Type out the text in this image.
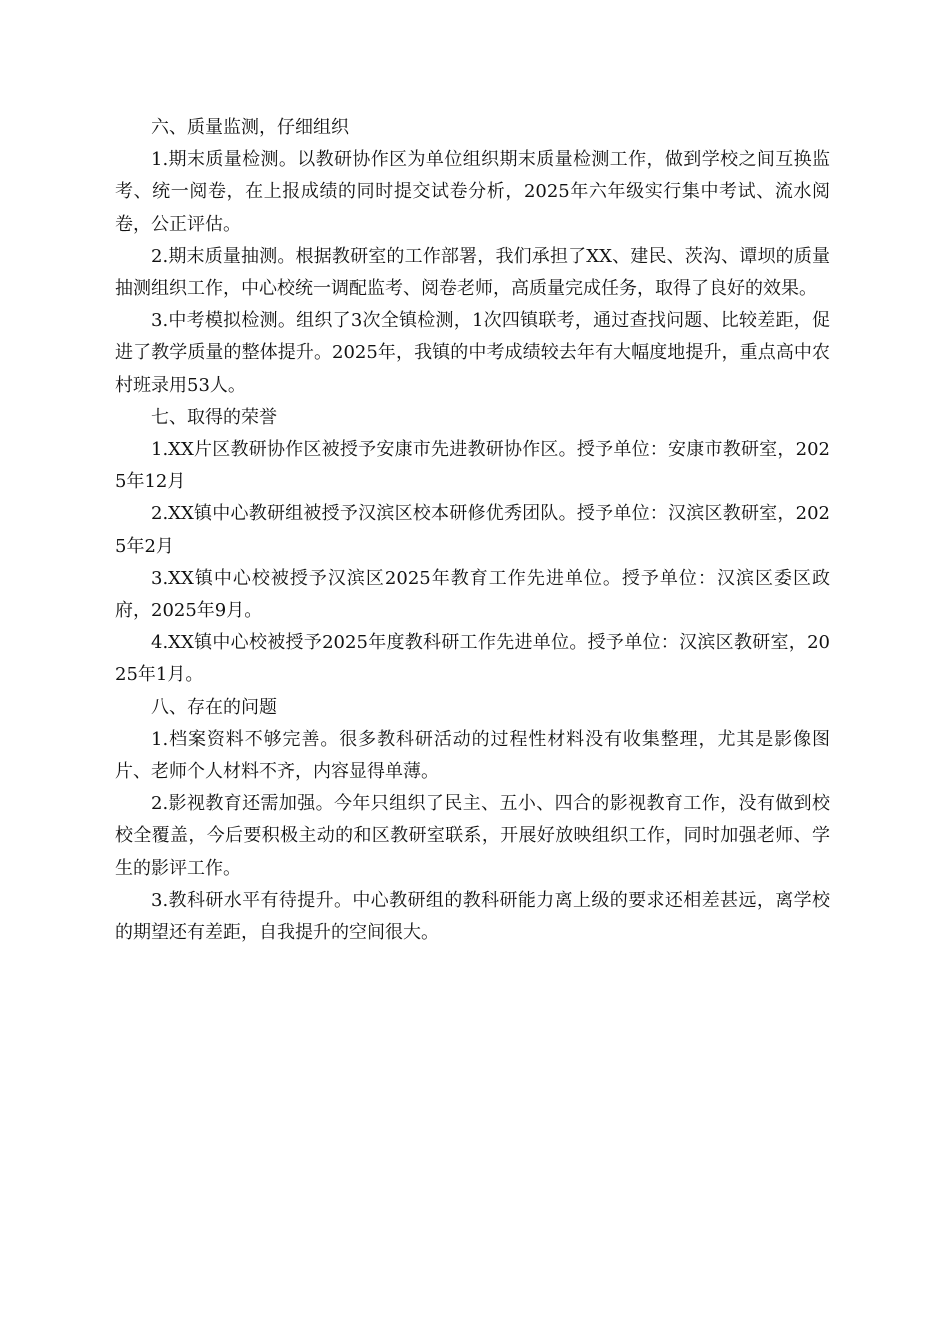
六、质量监测，仔细组织

1.期末质量检测。以教研协作区为单位组织期末质量检测工作，做到学校之间互换监考、统一阅卷，在上报成绩的同时提交试卷分析，2025年六年级实行集中考试、流水阅卷，公正评估。

2.期末质量抽测。根据教研室的工作部署，我们承担了XX、建民、茨沟、谭坝的质量抽测组织工作，中心校统一调配监考、阅卷老师，高质量完成任务，取得了良好的效果。

3.中考模拟检测。组织了3次全镇检测，1次四镇联考，通过查找问题、比较差距，促进了教学质量的整体提升。2025年，我镇的中考成绩较去年有大幅度地提升，重点高中农村班录用53人。

七、取得的荣誉

1.XX片区教研协作区被授予安康市先进教研协作区。授予单位：安康市教研室，2025年12月

2.XX镇中心教研组被授予汉滨区校本研修优秀团队。授予单位：汉滨区教研室，2025年2月

3.XX镇中心校被授予汉滨区2025年教育工作先进单位。授予单位：汉滨区委区政府，2025年9月。

4.XX镇中心校被授予2025年度教科研工作先进单位。授予单位：汉滨区教研室，2025年1月。

八、存在的问题

1.档案资料不够完善。很多教科研活动的过程性材料没有收集整理，尤其是影像图片、老师个人材料不齐，内容显得单薄。

2.影视教育还需加强。今年只组织了民主、五小、四合的影视教育工作，没有做到校校全覆盖，今后要积极主动的和区教研室联系，开展好放映组织工作，同时加强老师、学生的影评工作。

3.教科研水平有待提升。中心教研组的教科研能力离上级的要求还相差甚远，离学校的期望还有差距，自我提升的空间很大。
